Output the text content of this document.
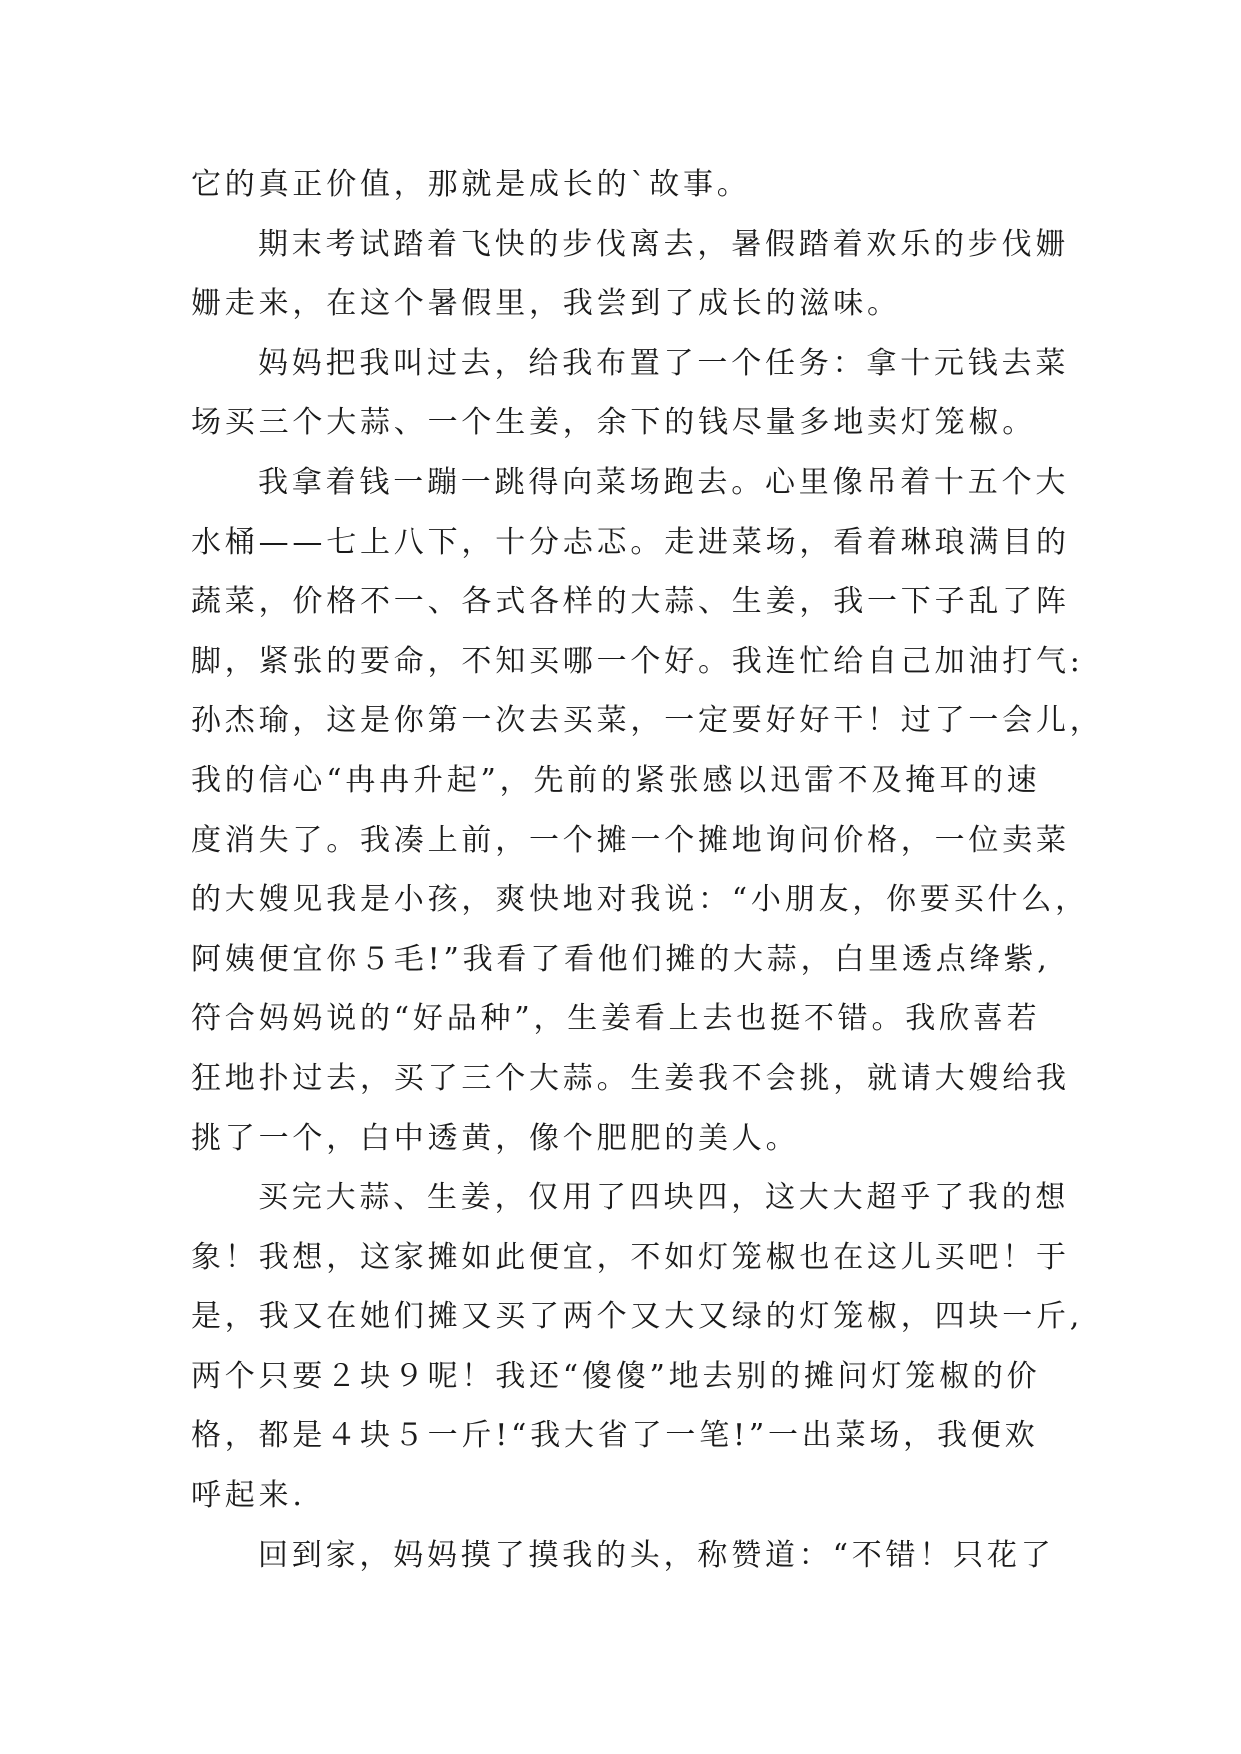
它的真正价值，那就是成长的`故事。
期末考试踏着飞快的步伐离去，暑假踏着欢乐的步伐姗
姗走来，在这个暑假里，我尝到了成长的滋味。
妈妈把我叫过去，给我布置了一个任务：拿十元钱去菜
场买三个大蒜、一个生姜，余下的钱尽量多地卖灯笼椒。
我拿着钱一蹦一跳得向菜场跑去。心里像吊着十五个大
水桶——七上八下，十分忐忑。走进菜场，看着琳琅满目的
蔬菜，价格不一、各式各样的大蒜、生姜，我一下子乱了阵
脚，紧张的要命，不知买哪一个好。我连忙给自己加油打气:
孙杰瑜，这是你第一次去买菜，一定要好好干！过了一会儿，
我的信心“冉冉升起”，先前的紧张感以迅雷不及掩耳的速
度消失了。我凑上前，一个摊一个摊地询问价格，一位卖菜
的大嫂见我是小孩，爽快地对我说：“小朋友，你要买什么，
阿姨便宜你５毛!”我看了看他们摊的大蒜，白里透点绛紫,
符合妈妈说的“好品种”，生姜看上去也挺不错。我欣喜若
狂地扑过去，买了三个大蒜。生姜我不会挑，就请大嫂给我
挑了一个，白中透黄，像个肥肥的美人。
买完大蒜、生姜，仅用了四块四，这大大超乎了我的想
象！我想，这家摊如此便宜，不如灯笼椒也在这儿买吧！于
是，我又在她们摊又买了两个又大又绿的灯笼椒，四块一斤,
两个只要２块９呢！我还“傻傻”地去别的摊问灯笼椒的价
格，都是４块５一斤!“我大省了一笔!”一出菜场，我便欢
呼起来.
回到家，妈妈摸了摸我的头，称赞道：“不错！只花了
